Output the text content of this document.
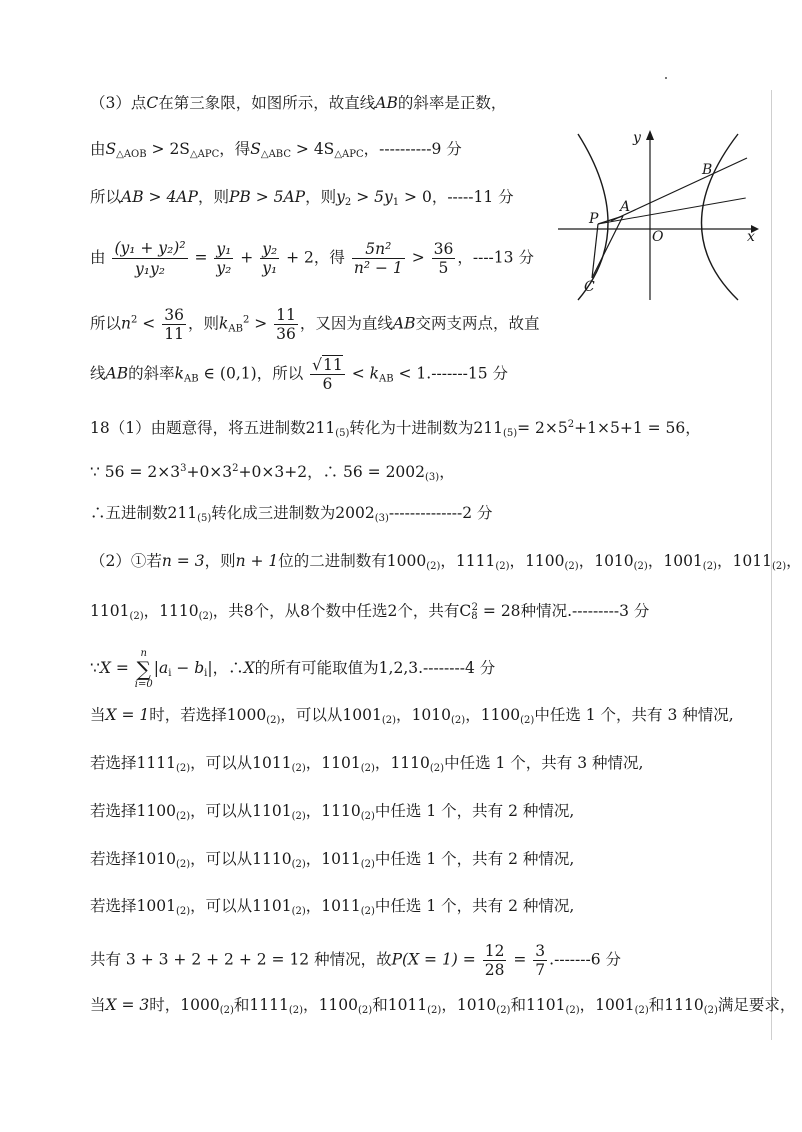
（3）点C在第三象限，如图所示，故直线AB的斜率是正数，
由$S_{\triangle AOB} > 2S_{\triangle APC}$，得$S_{\triangle ABC} > 4S_{\triangle APC}$，----------9 分
所以AB > 4AP，则PB > 5AP，则$y_2 > 5y_1 > 0$，-----11 分
由 $\frac{\text{(y₁ + y₂)²}}{\text{y₁y₂}} = \frac{\text{y₁}}{\text{y₂}} + \frac{\text{y₂}}{\text{y₁}} + 2$，得 $\frac{\text{5n²}}{\text{n² − 1}} > \frac{36}{5}$ ，----13 分
所以$n^2 < \frac{36}{11}$ ，则$k_{AB}^2 > \frac{11}{36}$ ，又因为直线AB交两支两点，故直
线AB的斜率$k_{AB}$ ∈ (0,1)，所以 $\frac{√11}{6} < k_{AB} < 1.-------15$ 分
18（1）由题意得，将五进制数$211_{(5)}$转化为十进制数为$211_{(5)}= 2\times 5^2+1\times 5+1 = 56$，
∵ $56 = 2\times 3^3+0\times 3^2+0\times 3+2$，∴ $56 = 2002_{(3)}$，
∴五进制数$211_{(5)}$转化成三进制数为$2002_{(3)}--------------2$ 分
（2）①若n = 3，则n + 1位的二进制数有$1000_{(2)}$，$1111_{(2)}$，$1100_{(2)}$，$1010_{(2)}$，$1001_{(2)}$，$1011_{(2)}$，
$1101_{(2)}$，$1110_{(2)}$，共8个，从8个数中任选2个，共有$C_8^2 = 28$种情况.---------3 分
∵X = n
∑
$i=0|a_i - b_i|$，∴X的所有可能取值为1,2,3.--------4 分
当X = 1时，若选择$1000_{(2)}$，可以从$1001_{(2)}$，$1010_{(2)}$，$1100_{(2)}$中任选 1 个，共有 3 种情况,
若选择$1111_{(2)}$，可以从$1011_{(2)}$，$1101_{(2)}$，$1110_{(2)}$中任选 1 个，共有 3 种情况,
若选择$1100_{(2)}$，可以从$1101_{(2)}$，$1110_{(2)}$中任选 1 个，共有 2 种情况,
若选择$1010_{(2)}$，可以从$1110_{(2)}$，$1011_{(2)}$中任选 1 个，共有 2 种情况,
若选择$1001_{(2)}$，可以从$1101_{(2)}$，$1011_{(2)}$中任选 1 个，共有 2 种情况,
共有 3 + 3 + 2 + 2 + 2 = 12 种情况，故$P(X = 1) = \frac{12}{28} = \frac{3}{7} .-------6$ 分
当X = 3时，$1000_{(2)}$和$1111_{(2)}$，$1100_{(2)}$和$1011_{(2)}$，$1010_{(2)}$和$1101_{(2)}$，$1001_{(2)}$和$1110_{(2)}$满足要求，
y
x
O
A
B
P
C
